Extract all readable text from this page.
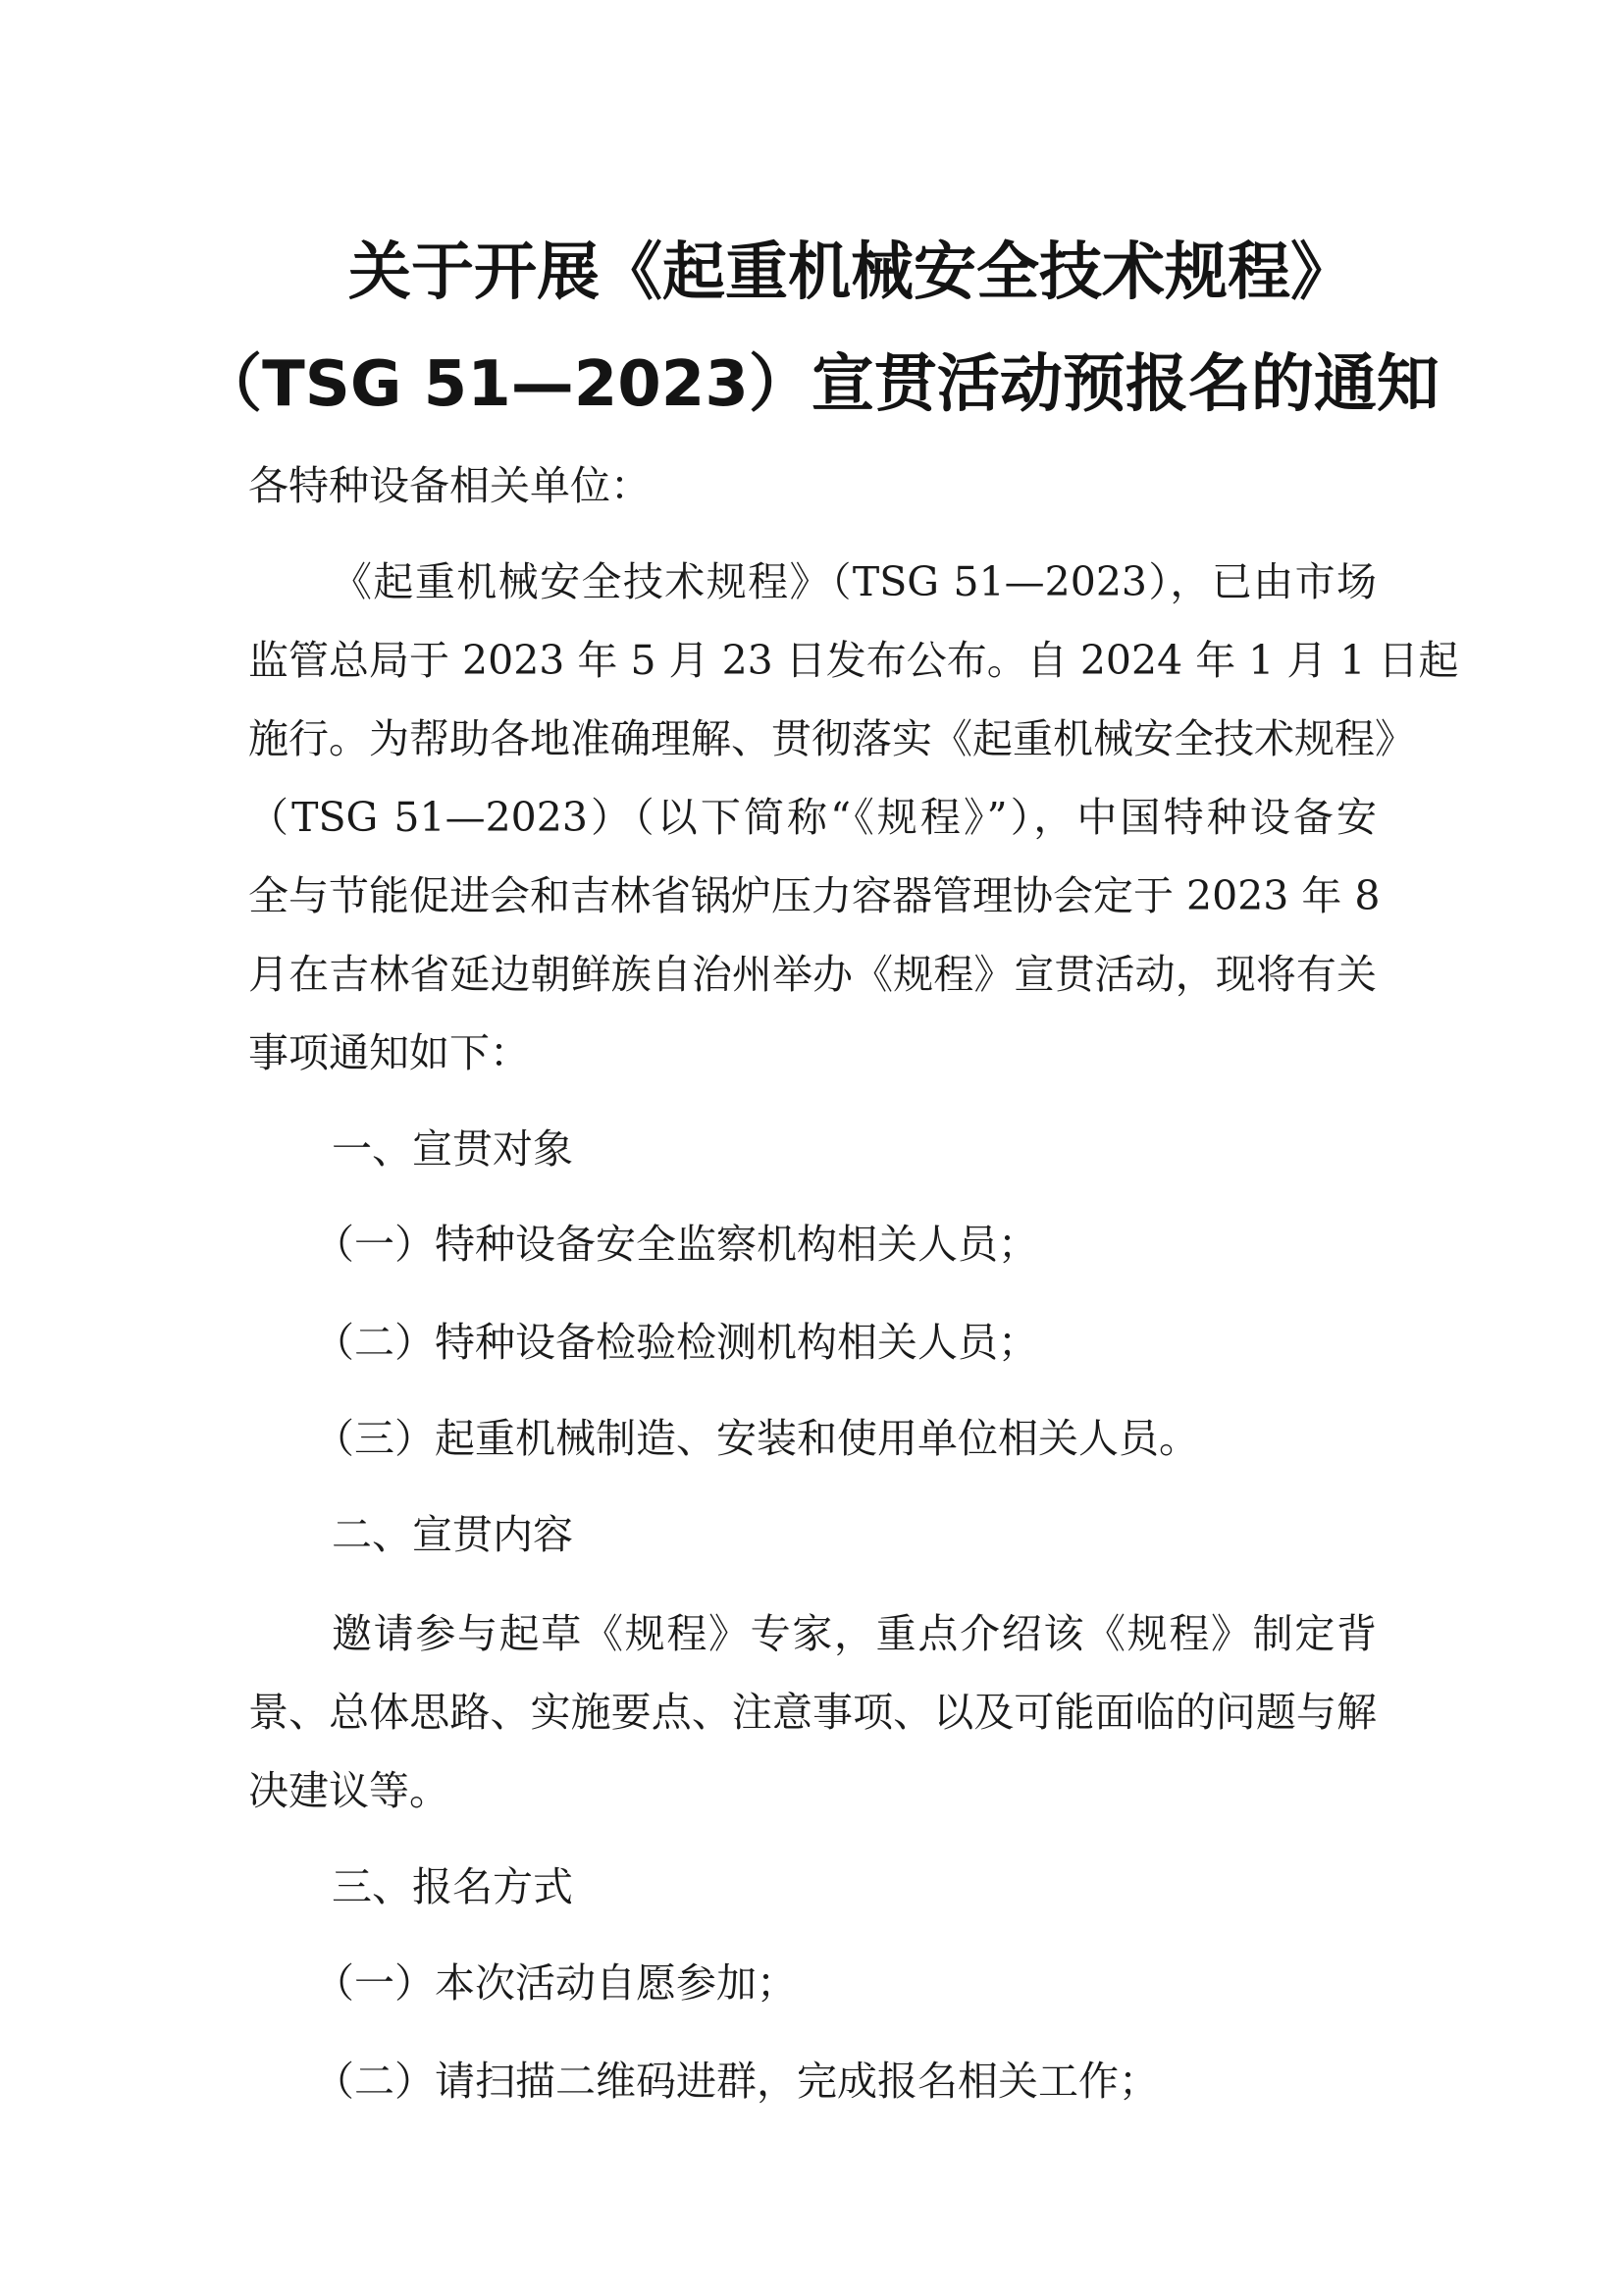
关于开展《起重机械安全技术规程》
（TSG 51—2023）宣贯活动预报名的通知
各特种设备相关单位：
《起重机械安全技术规程》（TSG 51—2023），已由市场
监管总局于 2023 年 5 月 23 日发布公布。自 2024 年 1 月 1 日起
施行。为帮助各地准确理解、贯彻落实《起重机械安全技术规程》
（TSG 51—2023）（以下简称“《规程》”），中国特种设备安
全与节能促进会和吉林省锅炉压力容器管理协会定于 2023 年 8
月在吉林省延边朝鲜族自治州举办《规程》宣贯活动，现将有关
事项通知如下：
一、宣贯对象
（一）特种设备安全监察机构相关人员；
（二）特种设备检验检测机构相关人员；
（三）起重机械制造、安装和使用单位相关人员。
二、宣贯内容
邀请参与起草《规程》专家，重点介绍该《规程》制定背
景、总体思路、实施要点、注意事项、以及可能面临的问题与解
决建议等。
三、报名方式
（一）本次活动自愿参加；
（二）请扫描二维码进群，完成报名相关工作；
